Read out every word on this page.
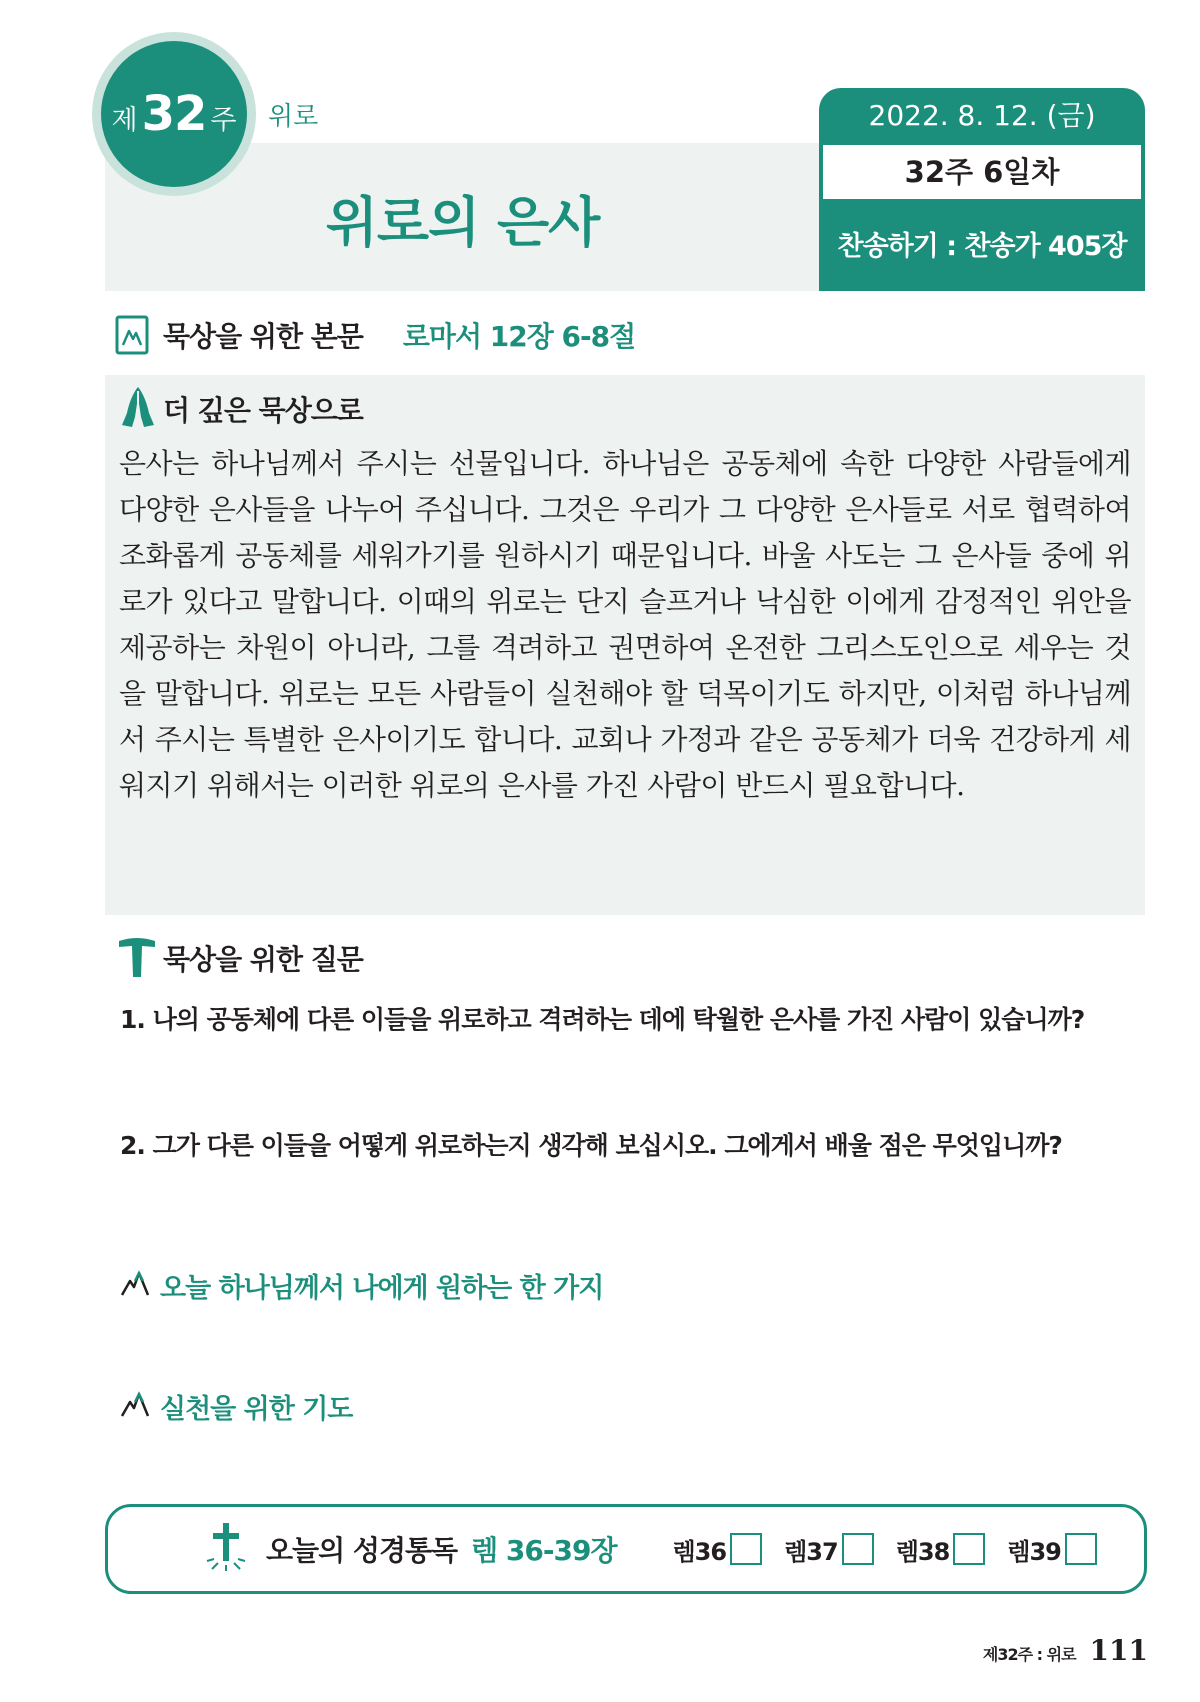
제 32 주 위로
위로의 은사
2022. 8. 12. (금)
32주 6일차
찬송하기 : 찬송가 405장
묵상을 위한 본문 로마서 12장 6-8절
더 깊은 묵상으로
은사는 하나님께서 주시는 선물입니다. 하나님은 공동체에 속한 다양한 사람들에게 다양한 은사들을 나누어 주십니다. 그것은 우리가 그 다양한 은사들로 서로 협력하여 조화롭게 공동체를 세워가기를 원하시기 때문입니다. 바울 사도는 그 은사들 중에 위로가 있다고 말합니다. 이때의 위로는 단지 슬프거나 낙심한 이에게 감정적인 위안을 제공하는 차원이 아니라, 그를 격려하고 권면하여 온전한 그리스도인으로 세우는 것을 말합니다. 위로는 모든 사람들이 실천해야 할 덕목이기도 하지만, 이처럼 하나님께서 주시는 특별한 은사이기도 합니다. 교회나 가정과 같은 공동체가 더욱 건강하게 세워지기 위해서는 이러한 위로의 은사를 가진 사람이 반드시 필요합니다.
묵상을 위한 질문
1. 나의 공동체에 다른 이들을 위로하고 격려하는 데에 탁월한 은사를 가진 사람이 있습니까?
2. 그가 다른 이들을 어떻게 위로하는지 생각해 보십시오. 그에게서 배울 점은 무엇입니까?
오늘 하나님께서 나에게 원하는 한 가지
실천을 위한 기도
오늘의 성경통독 렘 36-39장 렘36 렘37 렘38 렘39
제32주 : 위로 111
